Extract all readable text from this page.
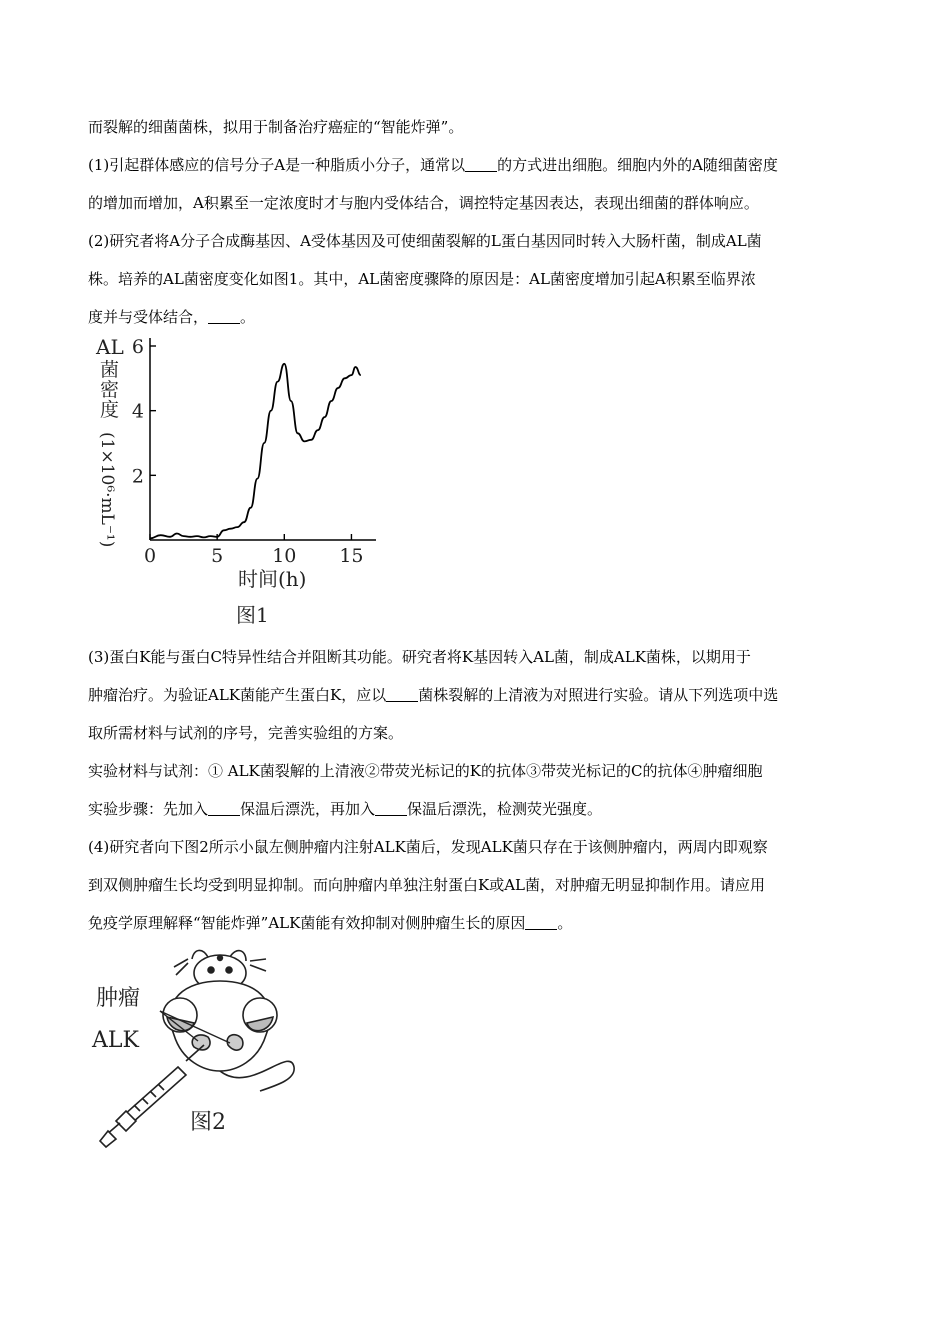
而裂解的细菌菌株，拟用于制备治疗癌症的“智能炸弹”。

(1)引起群体感应的信号分子A是一种脂质小分子，通常以 的方式进出细胞。细胞内外的A随细菌密度

的增加而增加，A积累至一定浓度时才与胞内受体结合，调控特定基因表达，表现出细菌的群体响应。

(2)研究者将A分子合成酶基因、A受体基因及可使细菌裂解的L蛋白基因同时转入大肠杆菌，制成AL菌

株。培养的AL菌密度变化如图1。其中，AL菌密度骤降的原因是：AL菌密度增加引起A积累至临界浓

度并与受体结合， 。

(3)蛋白K能与蛋白C特异性结合并阻断其功能。研究者将K基因转入AL菌，制成ALK菌株，以期用于

肿瘤治疗。为验证ALK菌能产生蛋白K，应以 菌株裂解的上清液为对照进行实验。请从下列选项中选

取所需材料与试剂的序号，完善实验组的方案。

实验材料与试剂：① ALK菌裂解的上清液②带荧光标记的K的抗体③带荧光标记的C的抗体④肿瘤细胞

实验步骤：先加入 保温后漂洗，再加入 保温后漂洗，检测荧光强度。

(4)研究者向下图2所示小鼠左侧肿瘤内注射ALK菌后，发现ALK菌只存在于该侧肿瘤内，两周内即观察

到双侧肿瘤生长均受到明显抑制。而向肿瘤内单独注射蛋白K或AL菌，对肿瘤无明显抑制作用。请应用

免疫学原理解释“智能炸弹”ALK菌能有效抑制对侧肿瘤生长的原因 。

AL
菌
密
度
(1×10⁶·mL⁻¹)
0	5	10 15
2
4
6
时间(h)
图1
肿瘤
ALK
图2
